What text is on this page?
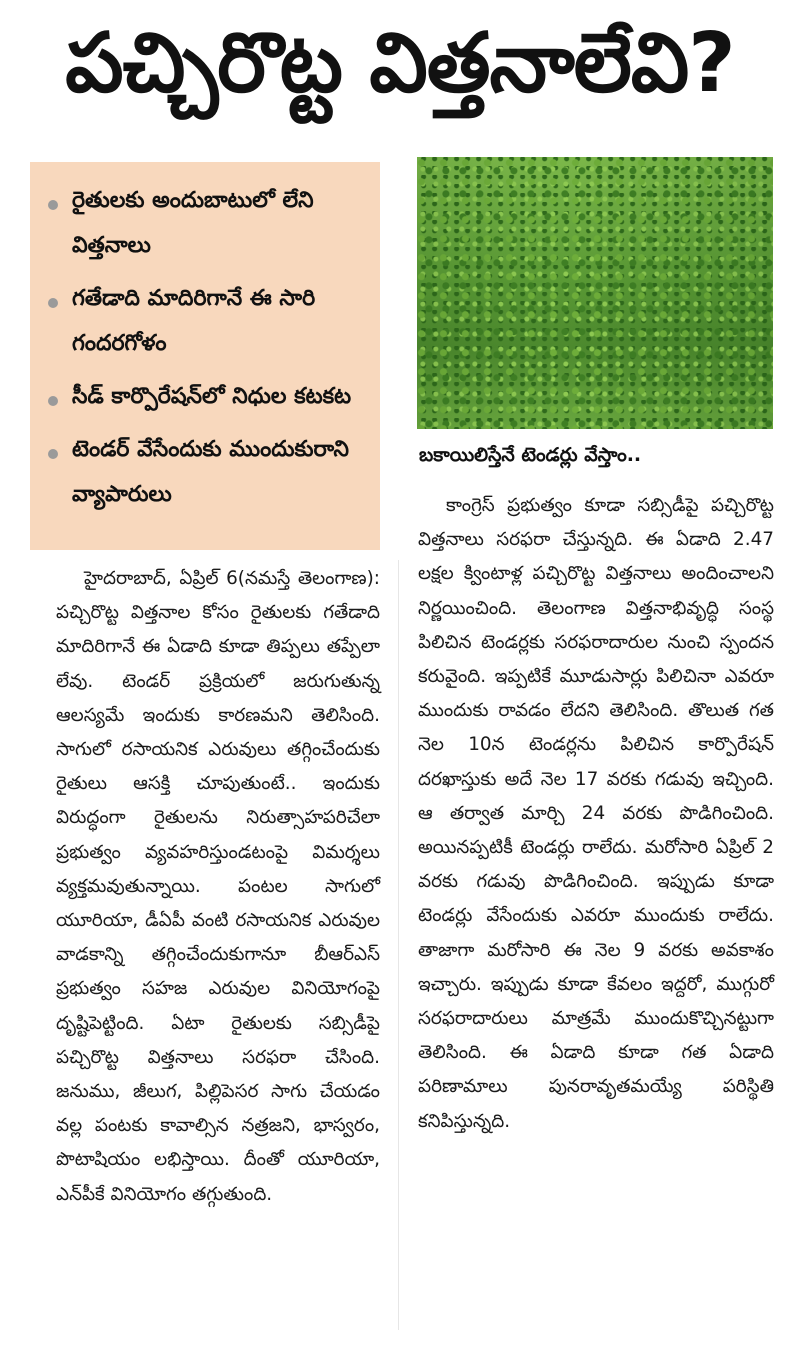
పచ్చిరొట్ట విత్తనాలేవి?
రైతులకు అందుబాటులో లేని విత్తనాలు
గతేడాది మాదిరిగానే ఈ సారి గందరగోళం
సీడ్ కార్పొరేషన్‌లో నిధుల కటకట
టెండర్ వేసేందుకు ముందుకురాని వ్యాపారులు
బకాయిలిస్తేనే టెండర్లు వేస్తాం..

హైదరాబాద్, ఏప్రిల్ 6(నమస్తే తెలంగాణ): పచ్చిరొట్ట విత్తనాల కోసం రైతులకు గతేడాది మాదిరిగానే ఈ ఏడాది కూడా తిప్పలు తప్పేలా లేవు. టెండర్ ప్రక్రియలో జరుగుతున్న ఆలస్యమే ఇందుకు కారణమని తెలిసింది. సాగులో రసాయనిక ఎరువులు తగ్గించేందుకు రైతులు ఆసక్తి చూపుతుంటే.. ఇందుకు విరుద్ధంగా రైతులను నిరుత్సాహపరిచేలా ప్రభుత్వం వ్యవహరిస్తుండటంపై విమర్శలు వ్యక్తమవుతున్నాయి. పంటల సాగులో యూరియా, డీఏపీ వంటి రసాయనిక ఎరువుల వాడకాన్ని తగ్గించేందుకుగానూ బీఆర్‌ఎస్ ప్రభుత్వం సహజ ఎరువుల వినియోగంపై దృష్టిపెట్టింది. ఏటా రైతులకు సబ్సిడీపై పచ్చిరొట్ట విత్తనాలు సరఫరా చేసింది. జనుము, జీలుగ, పిల్లిపెసర సాగు చేయడం వల్ల పంటకు కావాల్సిన నత్రజని, భాస్వరం, పొటాషియం లభిస్తాయి. దీంతో యూరియా, ఎన్‌పీకే వినియోగం తగ్గుతుంది.

కాంగ్రెస్ ప్రభుత్వం కూడా సబ్సిడీపై పచ్చిరొట్ట విత్తనాలు సరఫరా చేస్తున్నది. ఈ ఏడాది 2.47 లక్షల క్వింటాళ్ల పచ్చిరొట్ట విత్తనాలు అందించాలని నిర్ణయించింది. తెలంగాణ విత్తనాభివృద్ధి సంస్థ పిలిచిన టెండర్లకు సరఫరాదారుల నుంచి స్పందన కరువైంది. ఇప్పటికే మూడుసార్లు పిలిచినా ఎవరూ ముందుకు రావడం లేదని తెలిసింది. తొలుత గత నెల 10న టెండర్లను పిలిచిన కార్పొరేషన్ దరఖాస్తుకు అదే నెల 17 వరకు గడువు ఇచ్చింది. ఆ తర్వాత మార్చి 24 వరకు పొడిగించింది. అయినప్పటికీ టెండర్లు రాలేదు. మరోసారి ఏప్రిల్ 2 వరకు గడువు పొడిగించింది. ఇప్పుడు కూడా టెండర్లు వేసేందుకు ఎవరూ ముందుకు రాలేదు. తాజాగా మరోసారి ఈ నెల 9 వరకు అవకాశం ఇచ్చారు. ఇప్పుడు కూడా కేవలం ఇద్దరో, ముగ్గురో సరఫరాదారులు మాత్రమే ముందుకొచ్చినట్టుగా తెలిసింది. ఈ ఏడాది కూడా గత ఏడాది పరిణామాలు పునరావృతమయ్యే పరిస్థితి కనిపిస్తున్నది.
